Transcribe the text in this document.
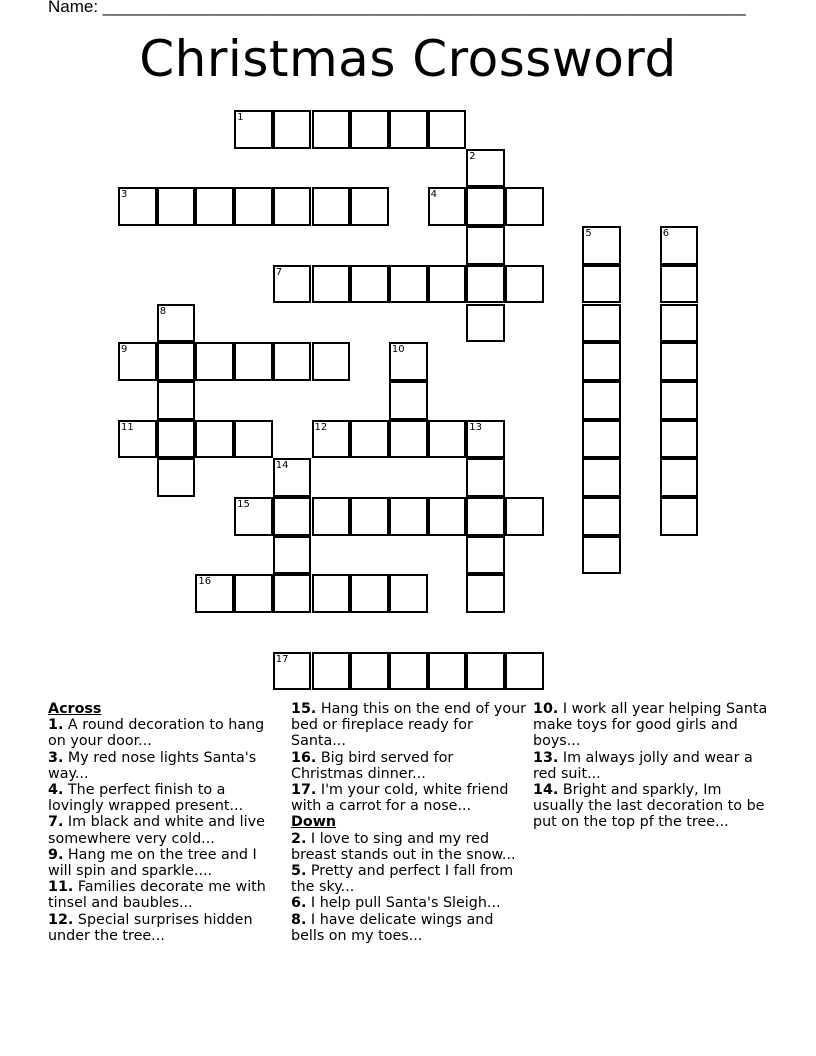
Name: ____________________________________________________________________
Christmas Crossword
1
2
3	4
5	6
7
8
9	10
11	12	13
14
15
16
17
Across
1. A round decoration to hang on your door...
3. My red nose lights Santa's way...
4. The perfect finish to a lovingly wrapped present...
7. Im black and white and live somewhere very cold...
9. Hang me on the tree and I will spin and sparkle....
11. Families decorate me with tinsel and baubles...
12. Special surprises hidden under the tree...
15. Hang this on the end of your bed or fireplace ready for Santa...
16. Big bird served for Christmas dinner...
17. I'm your cold, white friend with a carrot for a nose...
Down
2. I love to sing and my red breast stands out in the snow...
5. Pretty and perfect I fall from the sky...
6. I help pull Santa's Sleigh...
8. I have delicate wings and bells on my toes...
10. I work all year helping Santa make toys for good girls and boys...
13. Im always jolly and wear a red suit...
14. Bright and sparkly, Im usually the last decoration to be put on the top pf the tree...
